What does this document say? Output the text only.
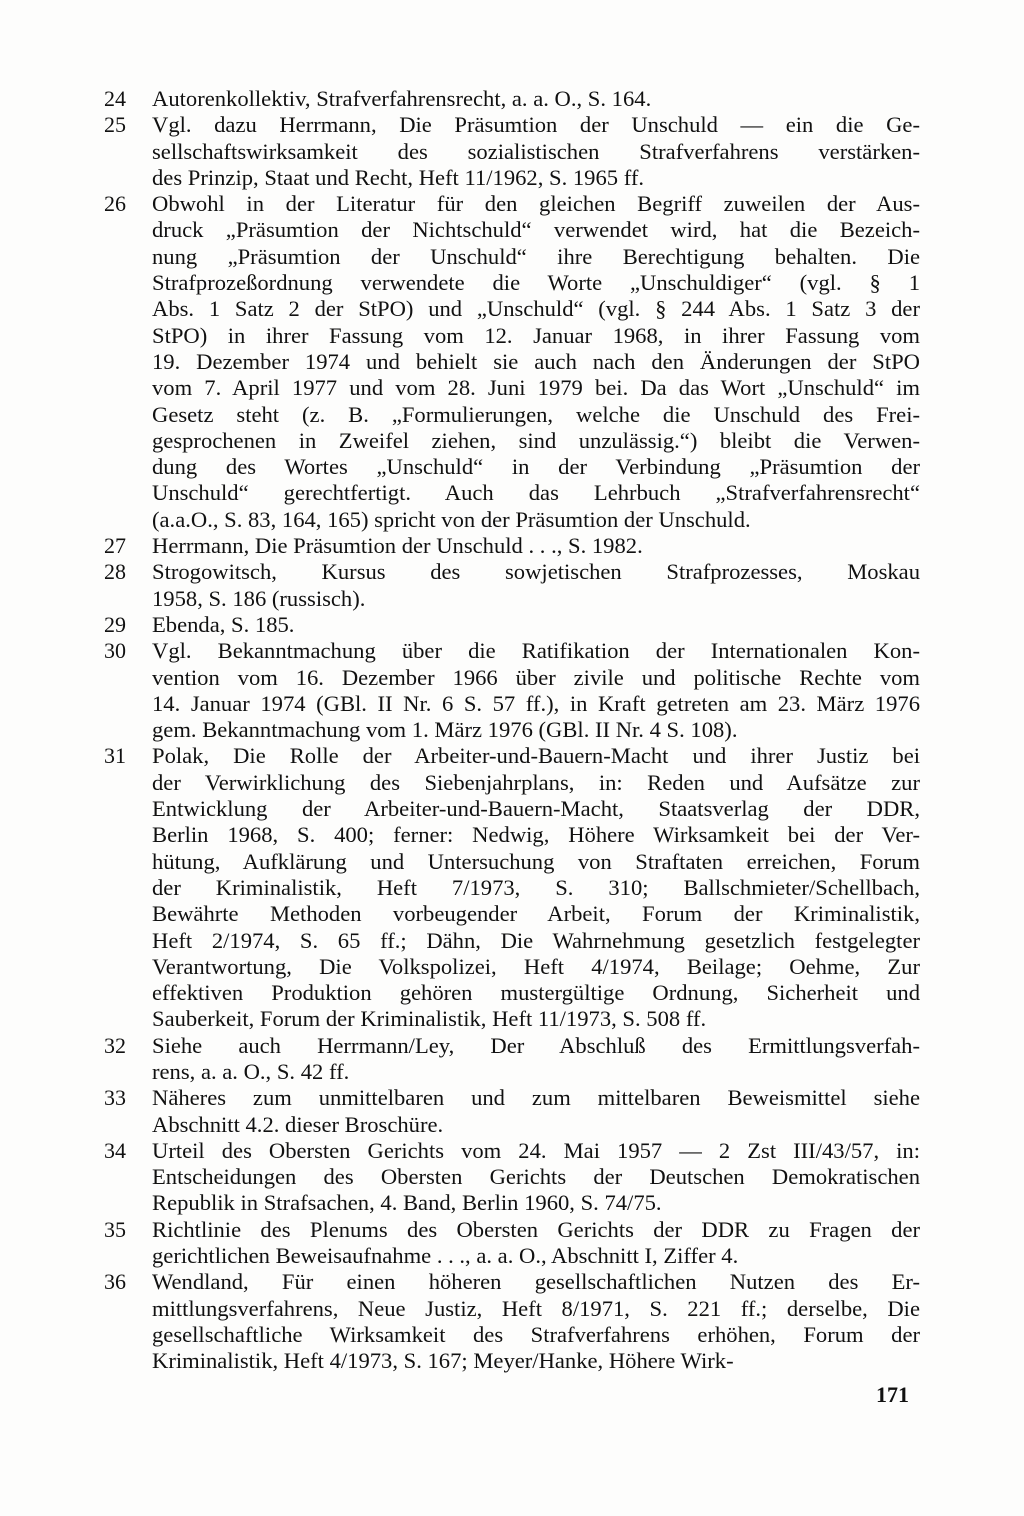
24	Autorenkollektiv, Strafverfahrensrecht, a. a. O., S. 164.
25	Vgl. dazu Herrmann, Die Präsumtion der Unschuld — ein die Ge-
sellschaftswirksamkeit des sozialistischen Strafverfahrens verstärken-
des Prinzip, Staat und Recht, Heft 11/1962, S. 1965 ff.
26	Obwohl in der Literatur für den gleichen Begriff zuweilen der Aus-
druck „Präsumtion der Nichtschuld“ verwendet wird, hat die Bezeich-
nung „Präsumtion der Unschuld“ ihre Berechtigung behalten. Die
Strafprozeßordnung verwendete die Worte „Unschuldiger“ (vgl. § 1
Abs. 1 Satz 2 der StPO) und „Unschuld“ (vgl. § 244 Abs. 1 Satz 3 der
StPO) in ihrer Fassung vom 12. Januar 1968, in ihrer Fassung vom
19. Dezember 1974 und behielt sie auch nach den Änderungen der StPO
vom 7. April 1977 und vom 28. Juni 1979 bei. Da das Wort „Unschuld“ im
Gesetz steht (z. B. „Formulierungen, welche die Unschuld des Frei-
gesprochenen in Zweifel ziehen, sind unzulässig.“) bleibt die Verwen-
dung des Wortes „Unschuld“ in der Verbindung „Präsumtion der
Unschuld“ gerechtfertigt. Auch das Lehrbuch „Strafverfahrensrecht“
(a.a.O., S. 83, 164, 165) spricht von der Präsumtion der Unschuld.
27	Herrmann, Die Präsumtion der Unschuld . . ., S. 1982.
28	Strogowitsch, Kursus des sowjetischen Strafprozesses, Moskau
1958, S. 186 (russisch).
29	Ebenda, S. 185.
30	Vgl. Bekanntmachung über die Ratifikation der Internationalen Kon-
vention vom 16. Dezember 1966 über zivile und politische Rechte vom
14. Januar 1974 (GBl. II Nr. 6 S. 57 ff.), in Kraft getreten am 23. März 1976
gem. Bekanntmachung vom 1. März 1976 (GBl. II Nr. 4 S. 108).
31	Polak, Die Rolle der Arbeiter-und-Bauern-Macht und ihrer Justiz bei
der Verwirklichung des Siebenjahrplans, in: Reden und Aufsätze zur
Entwicklung der Arbeiter-und-Bauern-Macht, Staatsverlag der DDR,
Berlin 1968, S. 400; ferner: Nedwig, Höhere Wirksamkeit bei der Ver-
hütung, Aufklärung und Untersuchung von Straftaten erreichen, Forum
der Kriminalistik, Heft 7/1973, S. 310; Ballschmieter/Schellbach,
Bewährte Methoden vorbeugender Arbeit, Forum der Kriminalistik,
Heft 2/1974, S. 65 ff.; Dähn, Die Wahrnehmung gesetzlich festgelegter
Verantwortung, Die Volkspolizei, Heft 4/1974, Beilage; Oehme, Zur
effektiven Produktion gehören mustergültige Ordnung, Sicherheit und
Sauberkeit, Forum der Kriminalistik, Heft 11/1973, S. 508 ff.
32	Siehe auch Herrmann/Ley, Der Abschluß des Ermittlungsverfah-
rens, a. a. O., S. 42 ff.
33	Näheres zum unmittelbaren und zum mittelbaren Beweismittel siehe
Abschnitt 4.2. dieser Broschüre.
34	Urteil des Obersten Gerichts vom 24. Mai 1957 — 2 Zst III/43/57, in:
Entscheidungen des Obersten Gerichts der Deutschen Demokratischen
Republik in Strafsachen, 4. Band, Berlin 1960, S. 74/75.
35	Richtlinie des Plenums des Obersten Gerichts der DDR zu Fragen der
gerichtlichen Beweisaufnahme . . ., a. a. O., Abschnitt I, Ziffer 4.
36	Wendland, Für einen höheren gesellschaftlichen Nutzen des Er-
mittlungsverfahrens, Neue Justiz, Heft 8/1971, S. 221 ff.; derselbe, Die
gesellschaftliche Wirksamkeit des Strafverfahrens erhöhen, Forum der
Kriminalistik, Heft 4/1973, S. 167; Meyer/Hanke, Höhere Wirk-
171
